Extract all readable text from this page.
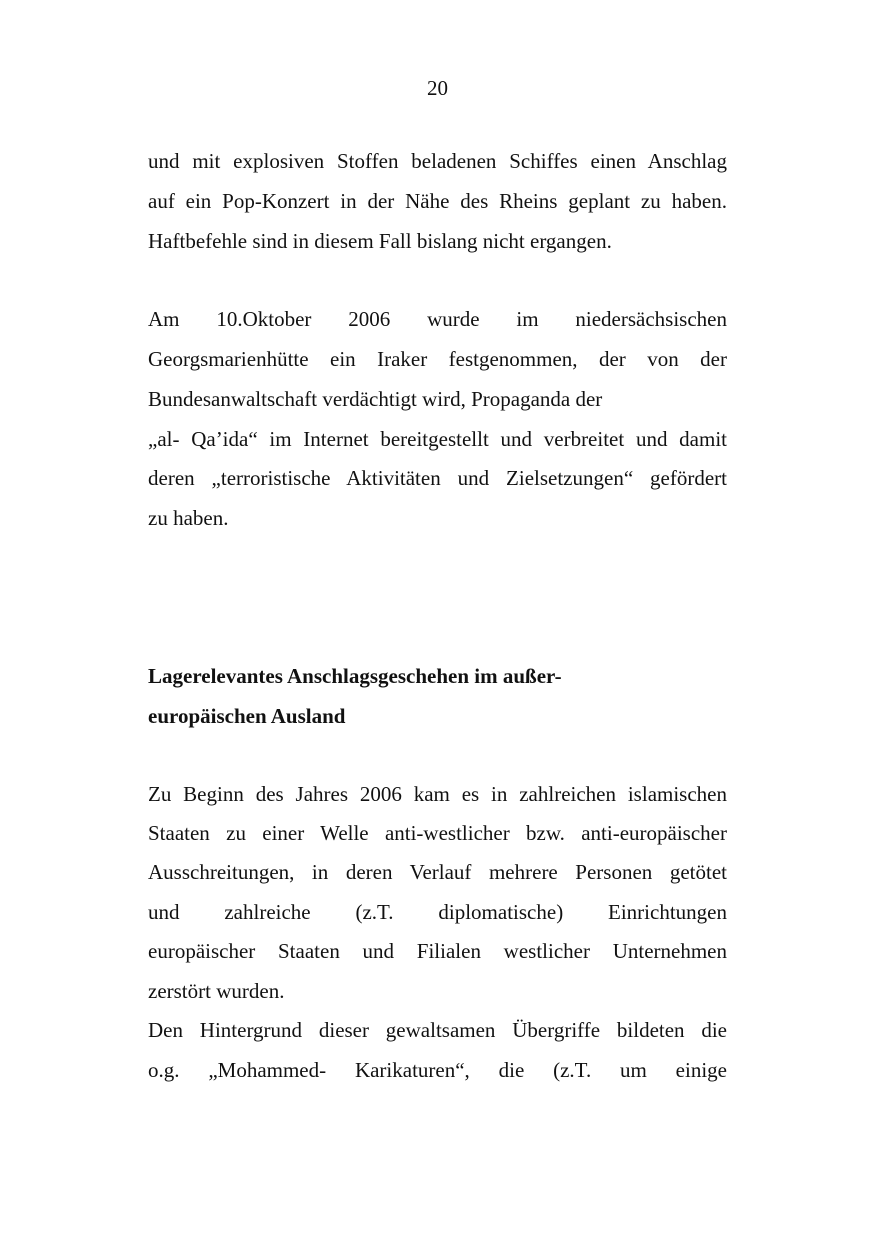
20
und mit explosiven Stoffen beladenen Schiffes einen Anschlag
auf ein Pop-Konzert in der Nähe des Rheins geplant zu haben.
Haftbefehle sind in diesem Fall bislang nicht ergangen.
Am 10.Oktober 2006 wurde im niedersächsischen
Georgsmarienhütte ein Iraker festgenommen, der von der
Bundesanwaltschaft verdächtigt wird, Propaganda der
„al- Qa’ida“ im Internet bereitgestellt und verbreitet und damit
deren „terroristische Aktivitäten und Zielsetzungen“ gefördert
zu haben.
Lagerelevantes Anschlagsgeschehen im außer-
europäischen Ausland
Zu Beginn des Jahres 2006 kam es in zahlreichen islamischen
Staaten zu einer Welle anti-westlicher bzw. anti-europäischer
Ausschreitungen, in deren Verlauf mehrere Personen getötet
und zahlreiche (z.T. diplomatische) Einrichtungen
europäischer Staaten und Filialen westlicher Unternehmen
zerstört wurden.
Den Hintergrund dieser gewaltsamen Übergriffe bildeten die
o.g. „Mohammed- Karikaturen“, die (z.T. um einige
